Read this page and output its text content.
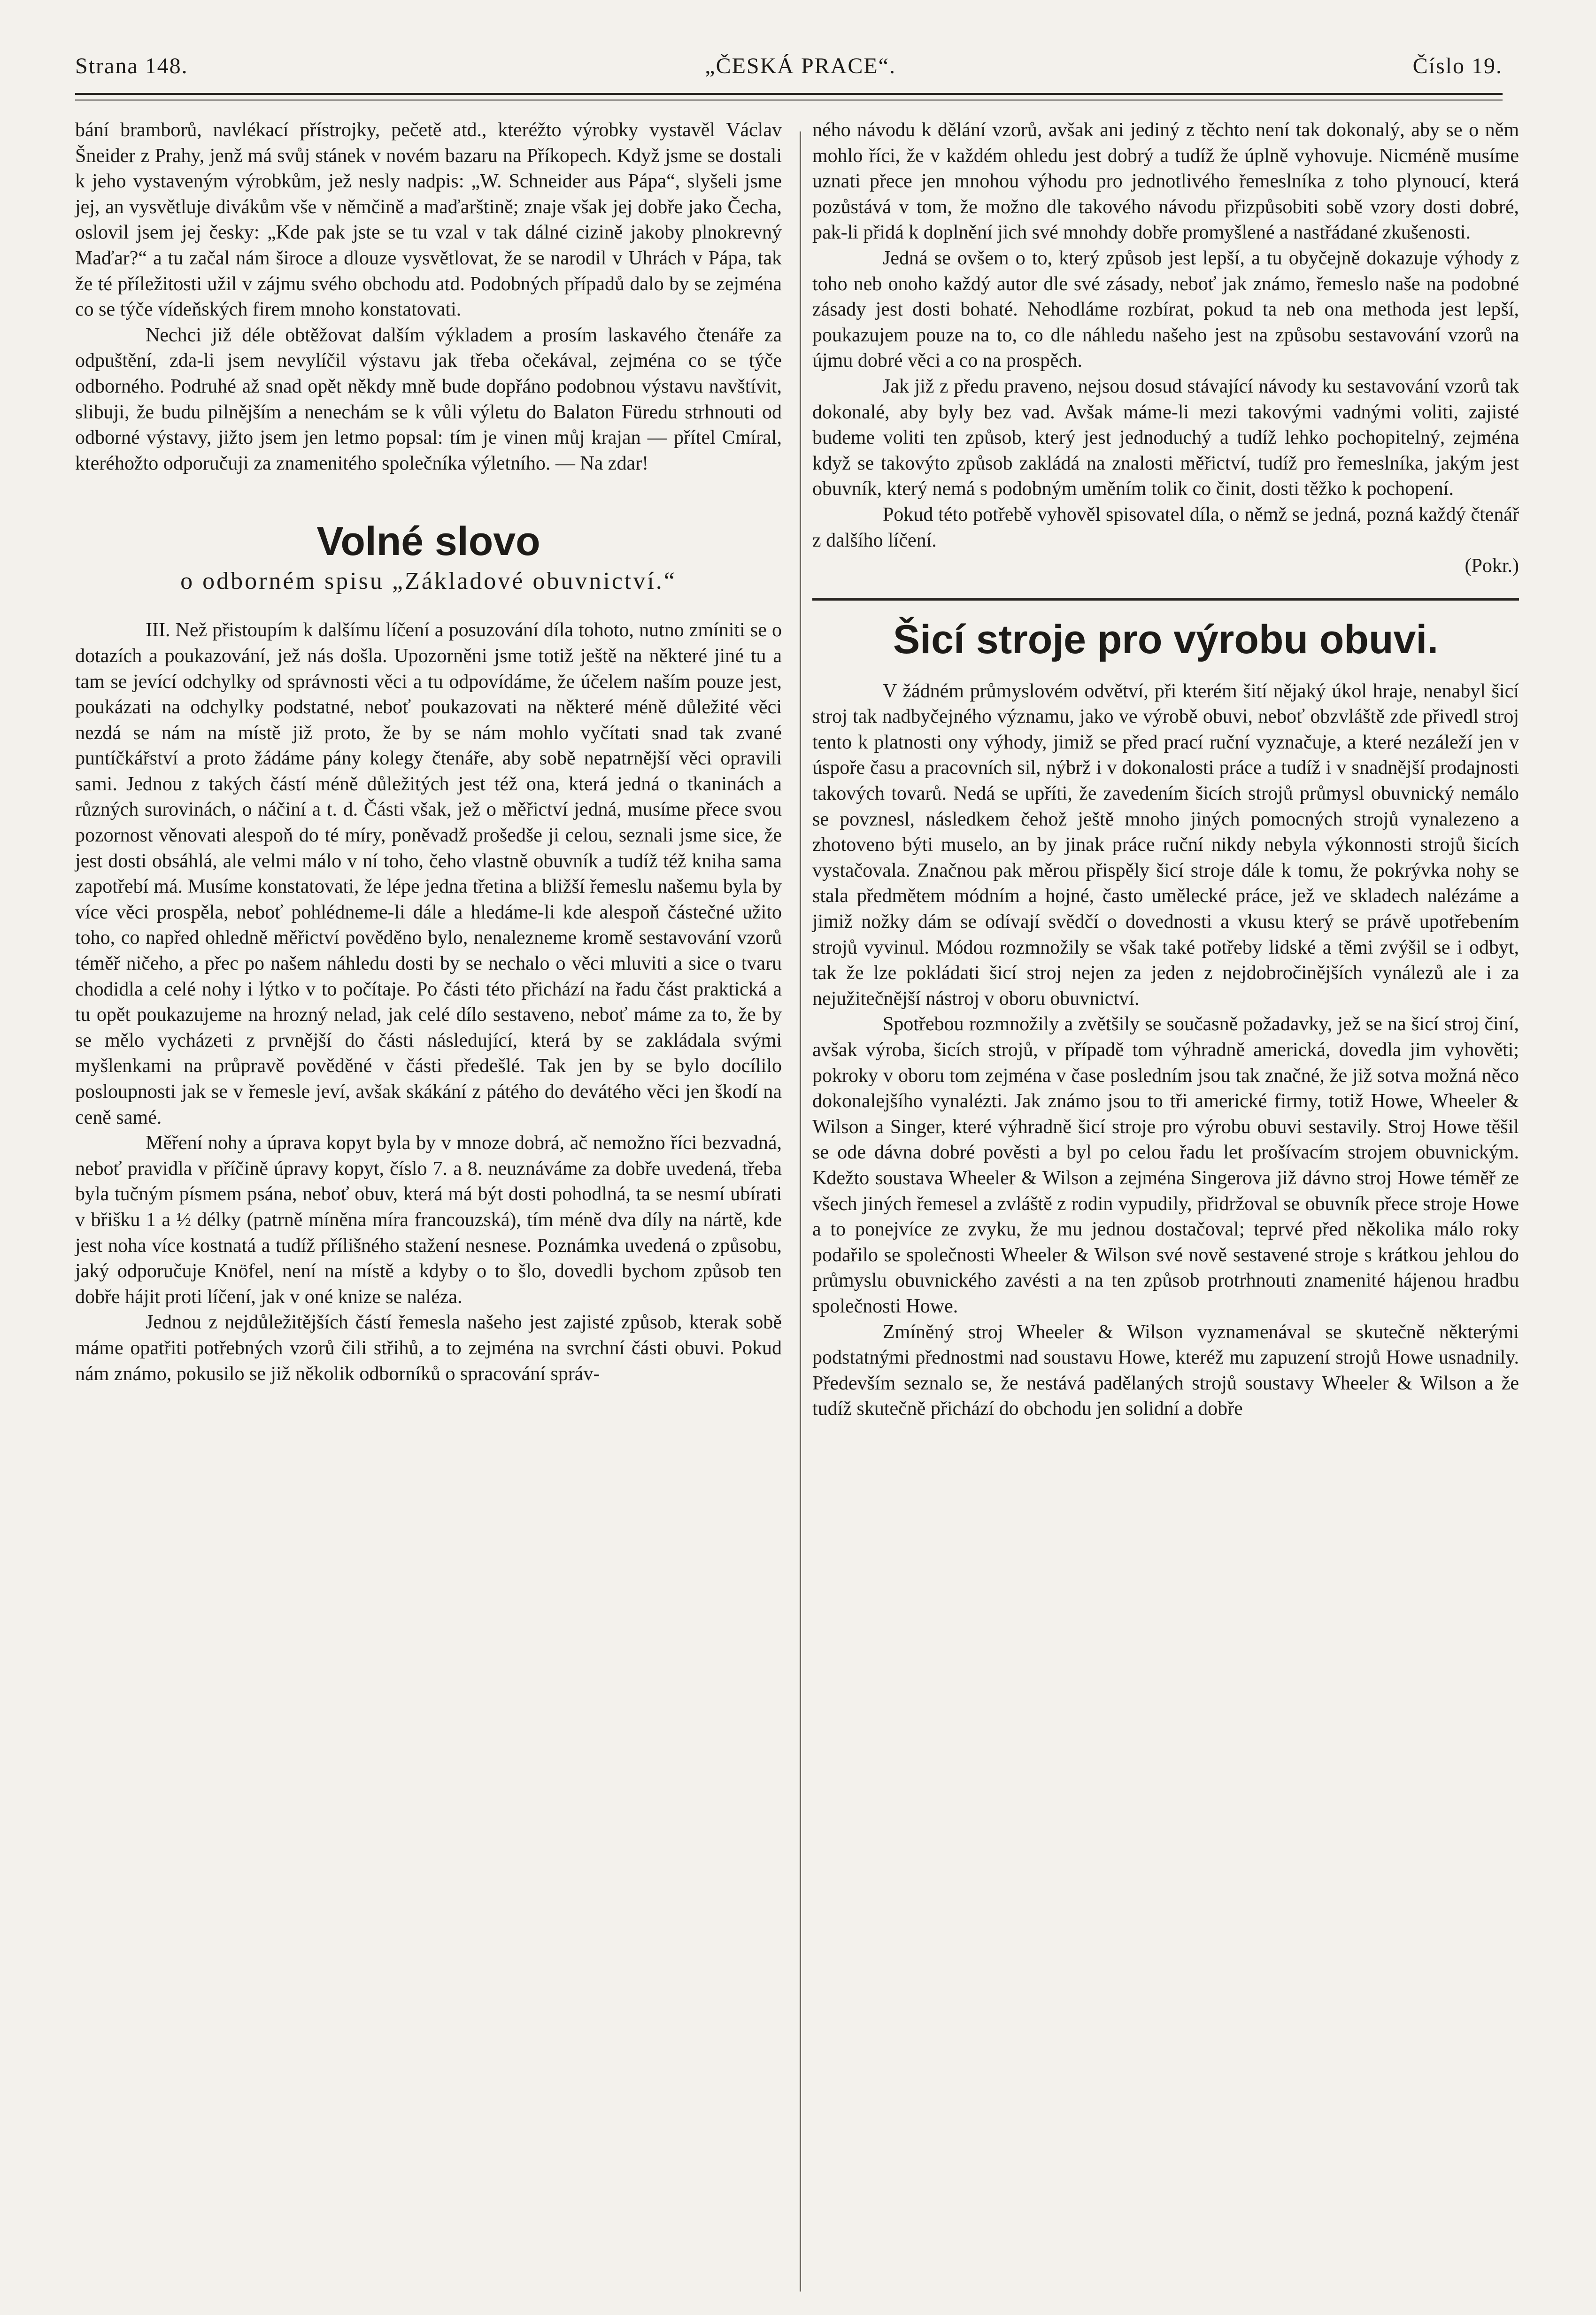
Strana 148.	„ČESKÁ PRACE“.	Číslo 19.

bání bramborů, navlékací přístrojky, pečetě atd., kteréžto výrobky vystavěl Václav Šneider z Prahy, jenž má svůj stánek v novém bazaru na Příkopech. Když jsme se dostali k jeho vystaveným výrobkům, jež nesly nadpis: „W. Schneider aus Pápa“, slyšeli jsme jej, an vysvětluje divákům vše v němčině a maďarštině; znaje však jej dobře jako Čecha, oslovil jsem jej česky: „Kde pak jste se tu vzal v tak dálné cizině jakoby plnokrevný Maďar?“ a tu začal nám široce a dlouze vysvětlovat, že se narodil v Uhrách v Pápa, tak že té příležitosti užil v zájmu svého obchodu atd. Podobných případů dalo by se zejména co se týče vídeňských firem mnoho konstatovati.

Nechci již déle obtěžovat dalším výkladem a prosím laskavého čtenáře za odpuštění, zda-li jsem nevylíčil výstavu jak třeba očekával, zejména co se týče odborného. Podruhé až snad opět někdy mně bude dopřáno podobnou výstavu navštívit, slibuji, že budu pilnějším a nenechám se k vůli výletu do Balaton Füredu strhnouti od odborné výstavy, jižto jsem jen letmo popsal: tím je vinen můj krajan — přítel Cmíral, kteréhožto odporučuji za znamenitého společníka výletního. — Na zdar!

Volné slovo
o odborném spisu „Základové obuvnictví.“

III. Než přistoupím k dalšímu líčení a posuzování díla tohoto, nutno zmíniti se o dotazích a poukazování, jež nás došla. Upozorněni jsme totiž ještě na některé jiné tu a tam se jevící odchylky od správnosti věci a tu odpovídáme, že účelem naším pouze jest, poukázati na odchylky podstatné, neboť poukazovati na některé méně důležité věci nezdá se nám na místě již proto, že by se nám mohlo vyčítati snad tak zvané puntíčkářství a proto žádáme pány kolegy čtenáře, aby sobě nepatrnější věci opravili sami. Jednou z takých částí méně důležitých jest též ona, která jedná o tkaninách a různých surovinách, o náčiní a t. d. Části však, jež o měřictví jedná, musíme přece svou pozornost věnovati alespoň do té míry, poněvadž prošedše ji celou, seznali jsme sice, že jest dosti obsáhlá, ale velmi málo v ní toho, čeho vlastně obuvník a tudíž též kniha sama zapotřebí má. Musíme konstatovati, že lépe jedna třetina a bližší řemeslu našemu byla by více věci prospěla, neboť pohlédneme-li dále a hledáme-li kde alespoň částečné užito toho, co napřed ohledně měřictví pověděno bylo, nenalezneme kromě sestavování vzorů téměř ničeho, a přec po našem náhledu dosti by se nechalo o věci mluviti a sice o tvaru chodidla a celé nohy i lýtko v to počítaje. Po části této přichází na řadu část praktická a tu opět poukazujeme na hrozný nelad, jak celé dílo sestaveno, neboť máme za to, že by se mělo vycházeti z prvnější do části následující, která by se zakládala svými myšlenkami na průpravě pověděné v části předešlé. Tak jen by se bylo docílilo posloupnosti jak se v řemesle jeví, avšak skákání z pátého do devátého věci jen škodí na ceně samé.

Měření nohy a úprava kopyt byla by v mnoze dobrá, ač nemožno říci bezvadná, neboť pravidla v příčině úpravy kopyt, číslo 7. a 8. neuznáváme za dobře uvedená, třeba byla tučným písmem psána, neboť obuv, která má být dosti pohodlná, ta se nesmí ubírati v břišku 1 a ½ délky (patrně míněna míra francouzská), tím méně dva díly na nártě, kde jest noha více kostnatá a tudíž přílišného stažení nesnese. Poznámka uvedená o způsobu, jaký odporučuje Knöfel, není na místě a kdyby o to šlo, dovedli bychom způsob ten dobře hájit proti líčení, jak v oné knize se naléza.

Jednou z nejdůležitějších částí řemesla našeho jest zajisté způsob, kterak sobě máme opatřiti potřebných vzorů čili střihů, a to zejména na svrchní části obuvi. Pokud nám známo, pokusilo se již několik odborníků o spracování správ-

ného návodu k dělání vzorů, avšak ani jediný z těchto není tak dokonalý, aby se o něm mohlo říci, že v každém ohledu jest dobrý a tudíž že úplně vyhovuje. Nicméně musíme uznati přece jen mnohou výhodu pro jednotlivého řemeslníka z toho plynoucí, která pozůstává v tom, že možno dle takového návodu přizpůsobiti sobě vzory dosti dobré, pak-li přidá k doplnění jich své mnohdy dobře promyšlené a nastřádané zkušenosti.

Jedná se ovšem o to, který způsob jest lepší, a tu obyčejně dokazuje výhody z toho neb onoho každý autor dle své zásady, neboť jak známo, řemeslo naše na podobné zásady jest dosti bohaté. Nehodláme rozbírat, pokud ta neb ona methoda jest lepší, poukazujem pouze na to, co dle náhledu našeho jest na způsobu sestavování vzorů na újmu dobré věci a co na prospěch.

Jak již z předu praveno, nejsou dosud stávající návody ku sestavování vzorů tak dokonalé, aby byly bez vad. Avšak máme-li mezi takovými vadnými voliti, zajisté budeme voliti ten způsob, který jest jednoduchý a tudíž lehko pochopitelný, zejména když se takovýto způsob zakládá na znalosti měřictví, tudíž pro řemeslníka, jakým jest obuvník, který nemá s podobným uměním tolik co činit, dosti těžko k pochopení.

Pokud této potřebě vyhověl spisovatel díla, o němž se jedná, pozná každý čtenář z dalšího líčení.

(Pokr.)

Šicí stroje pro výrobu obuvi.

V žádném průmyslovém odvětví, při kterém šití nějaký úkol hraje, nenabyl šicí stroj tak nadbyčejného významu, jako ve výrobě obuvi, neboť obzvláště zde přivedl stroj tento k platnosti ony výhody, jimiž se před prací ruční vyznačuje, a které nezáleží jen v úspoře času a pracovních sil, nýbrž i v dokonalosti práce a tudíž i v snadnější prodajnosti takových tovarů. Nedá se upříti, že zavedením šicích strojů průmysl obuvnický nemálo se povznesl, následkem čehož ještě mnoho jiných pomocných strojů vynalezeno a zhotoveno býti muselo, an by jinak práce ruční nikdy nebyla výkonnosti strojů šicích vystačovala. Značnou pak měrou přispěly šicí stroje dále k tomu, že pokrývka nohy se stala předmětem módním a hojné, často umělecké práce, jež ve skladech nalézáme a jimiž nožky dám se odívají svědčí o dovednosti a vkusu který se právě upotřebením strojů vyvinul. Módou rozmnožily se však také potřeby lidské a těmi zvýšil se i odbyt, tak že lze pokládati šicí stroj nejen za jeden z nejdobročinějších vynálezů ale i za nejužitečnější nástroj v oboru obuvnictví.

Spotřebou rozmnožily a zvětšily se současně požadavky, jež se na šicí stroj činí, avšak výroba, šicích strojů, v případě tom výhradně americká, dovedla jim vyhověti; pokroky v oboru tom zejména v čase posledním jsou tak značné, že již sotva možná něco dokonalejšího vynalézti. Jak známo jsou to tři americké firmy, totiž Howe, Wheeler & Wilson a Singer, které výhradně šicí stroje pro výrobu obuvi sestavily. Stroj Howe těšil se ode dávna dobré pověsti a byl po celou řadu let prošívacím strojem obuvnickým. Kdežto soustava Wheeler & Wilson a zejména Singerova již dávno stroj Howe téměř ze všech jiných řemesel a zvláště z rodin vypudily, přidržoval se obuvník přece stroje Howe a to ponejvíce ze zvyku, že mu jednou dostačoval; teprvé před několika málo roky podařilo se společnosti Wheeler & Wilson své nově sestavené stroje s krátkou jehlou do průmyslu obuvnického zavésti a na ten způsob protrhnouti znamenité hájenou hradbu společnosti Howe.

Zmíněný stroj Wheeler & Wilson vyznamenával se skutečně některými podstatnými přednostmi nad soustavu Howe, kteréž mu zapuzení strojů Howe usnadnily. Především seznalo se, že nestává padělaných strojů soustavy Wheeler & Wilson a že tudíž skutečně přichází do obchodu jen solidní a dobře
